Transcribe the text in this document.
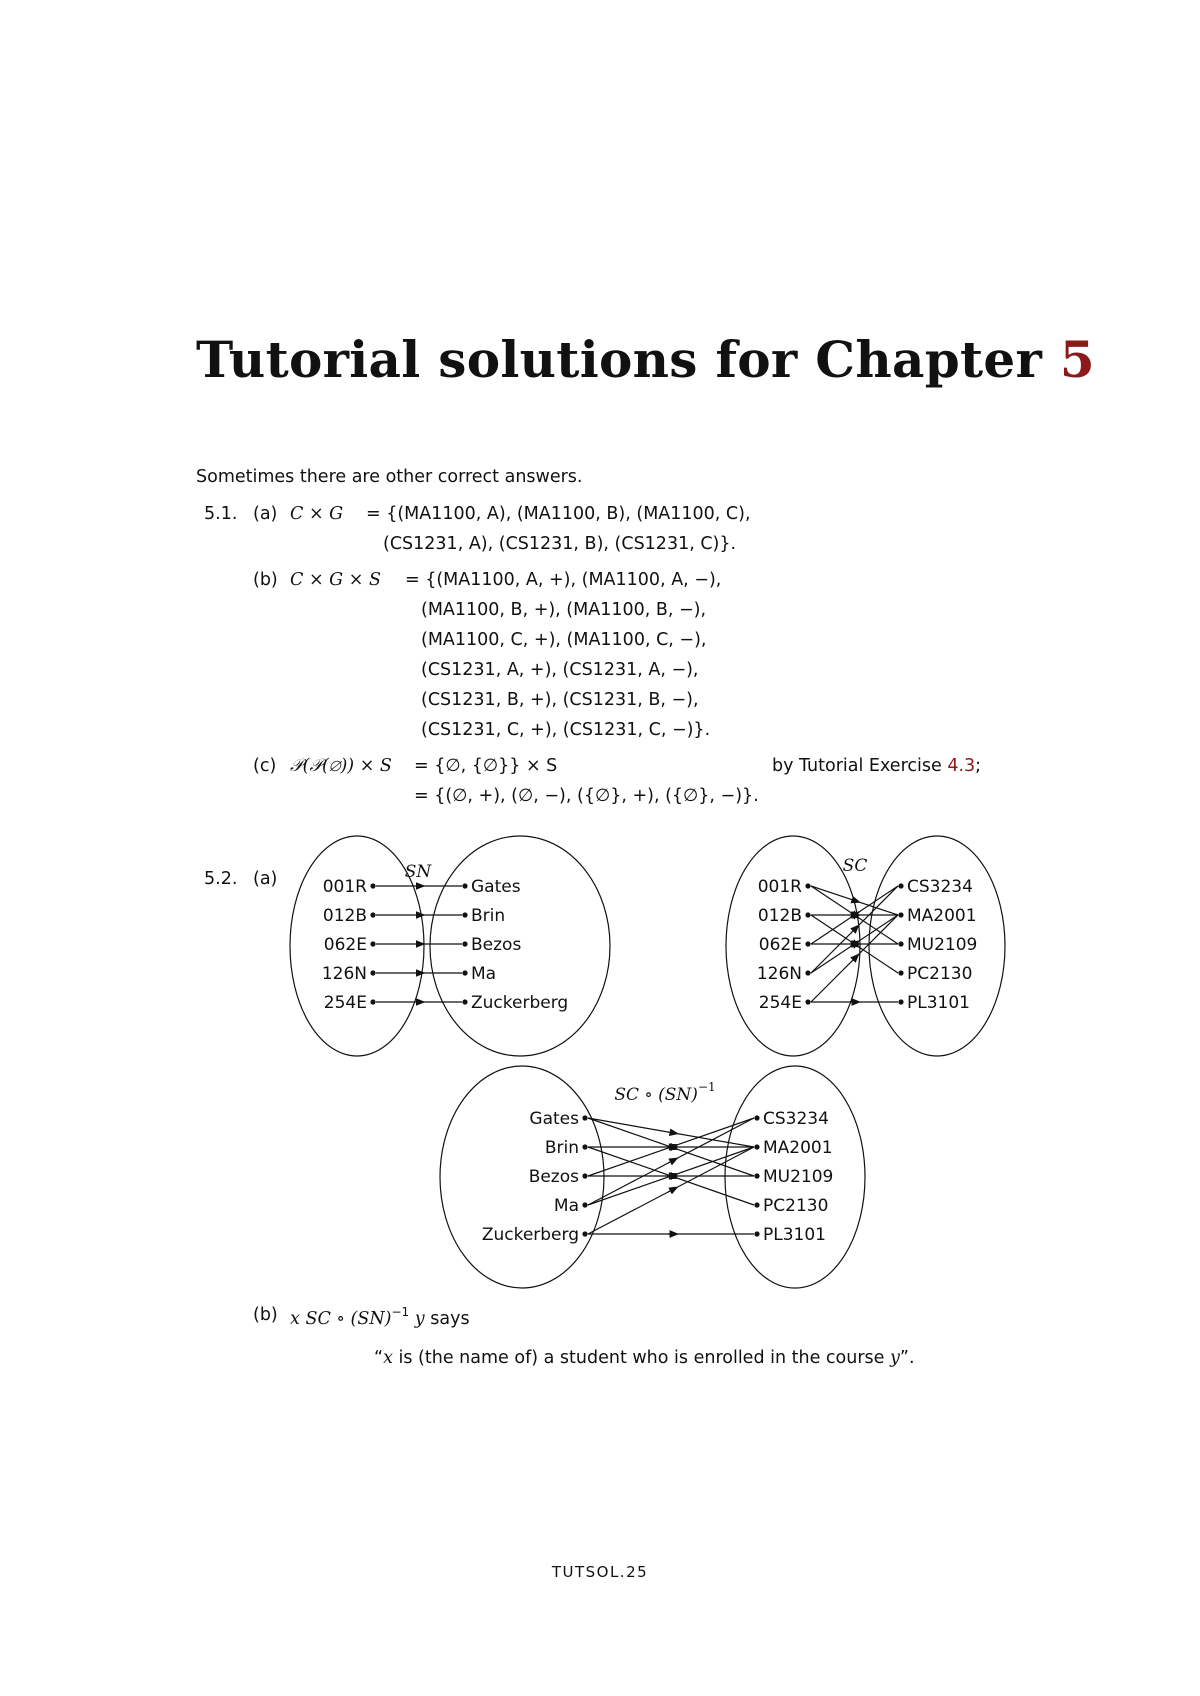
Tutorial solutions for Chapter 5
Sometimes there are other correct answers.
5.1. (a) C × G = {(MA1100, A), (MA1100, B), (MA1100, C),
(CS1231, A), (CS1231, B), (CS1231, C)}.
(b) C × G × S = {(MA1100, A, +), (MA1100, A, −),
(MA1100, B, +), (MA1100, B, −),
(MA1100, C, +), (MA1100, C, −),
(CS1231, A, +), (CS1231, A, −),
(CS1231, B, +), (CS1231, B, −),
(CS1231, C, +), (CS1231, C, −)}.
(c) 𝒫(𝒫(∅)) × S = {∅, {∅}} × S	by Tutorial Exercise 4.3;
= {(∅, +), (∅, −), ({∅}, +), ({∅}, −)}.
5.2. (a)	001R
012B
062E
126N
254E
Gates
Brin
Bezos
Ma
Zuckerberg
SN
001R
012B
062E
126N
254E
CS3234
MA2001
MU2109
PC2130
PL3101
SC
Gates
Brin
Bezos
Ma
Zuckerberg
CS3234
MA2001
MU2109
PC2130
PL3101
SC ∘ (SN)$^{-1}$
(b) x SC ∘ (SN)$^{-1}$ y says
“x is (the name of) a student who is enrolled in the course y”.
TUTSOL.25
